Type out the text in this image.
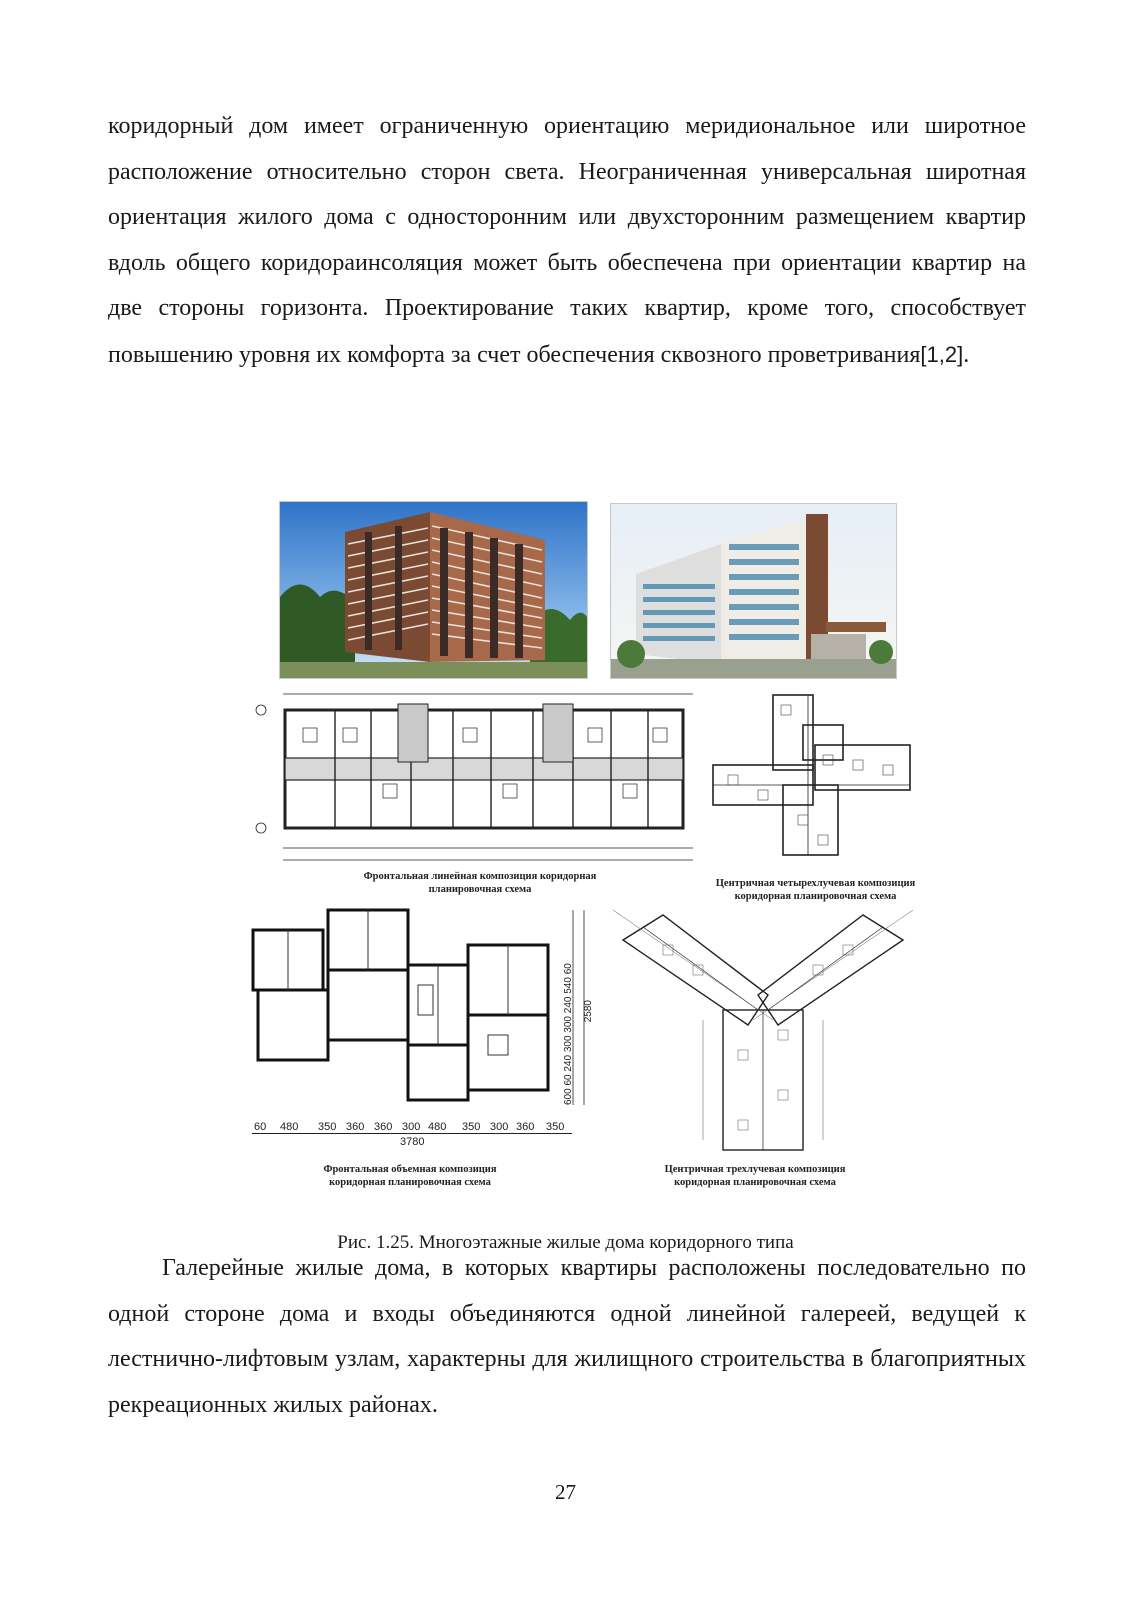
коридорный дом имеет ограниченную ориентацию меридиональное или широтное расположение относительно сторон света. Неограниченная универсальная широтная ориентация жилого дома с односторонним или двухсторонним размещением квартир вдоль общего коридораинсоляция может быть обеспечена при ориентации квартир на две стороны горизонта. Проектирование таких квартир, кроме того, способствует повышению уровня их комфорта за счет обеспечения сквозного проветривания[1,2].

Фронтальная линейная композиция коридорная
планировочная схема

Центричная четырехлучевая композиция
коридорная планировочная схема

60 480 350 360 360 300 480 350 300 360 350
3780
600 60 240 300 300 240 540 60
2580

Фронтальная объемная композиция
коридорная планировочная схема

Центричная трехлучевая композиция
коридорная планировочная схема

Рис. 1.25. Многоэтажные жилые дома коридорного типа

Галерейные жилые дома, в которых квартиры расположены последовательно по одной стороне дома и входы объединяются одной линейной галереей, ведущей к лестнично-лифтовым узлам, характерны для жилищного строительства в благоприятных рекреационных жилых районах.

27
